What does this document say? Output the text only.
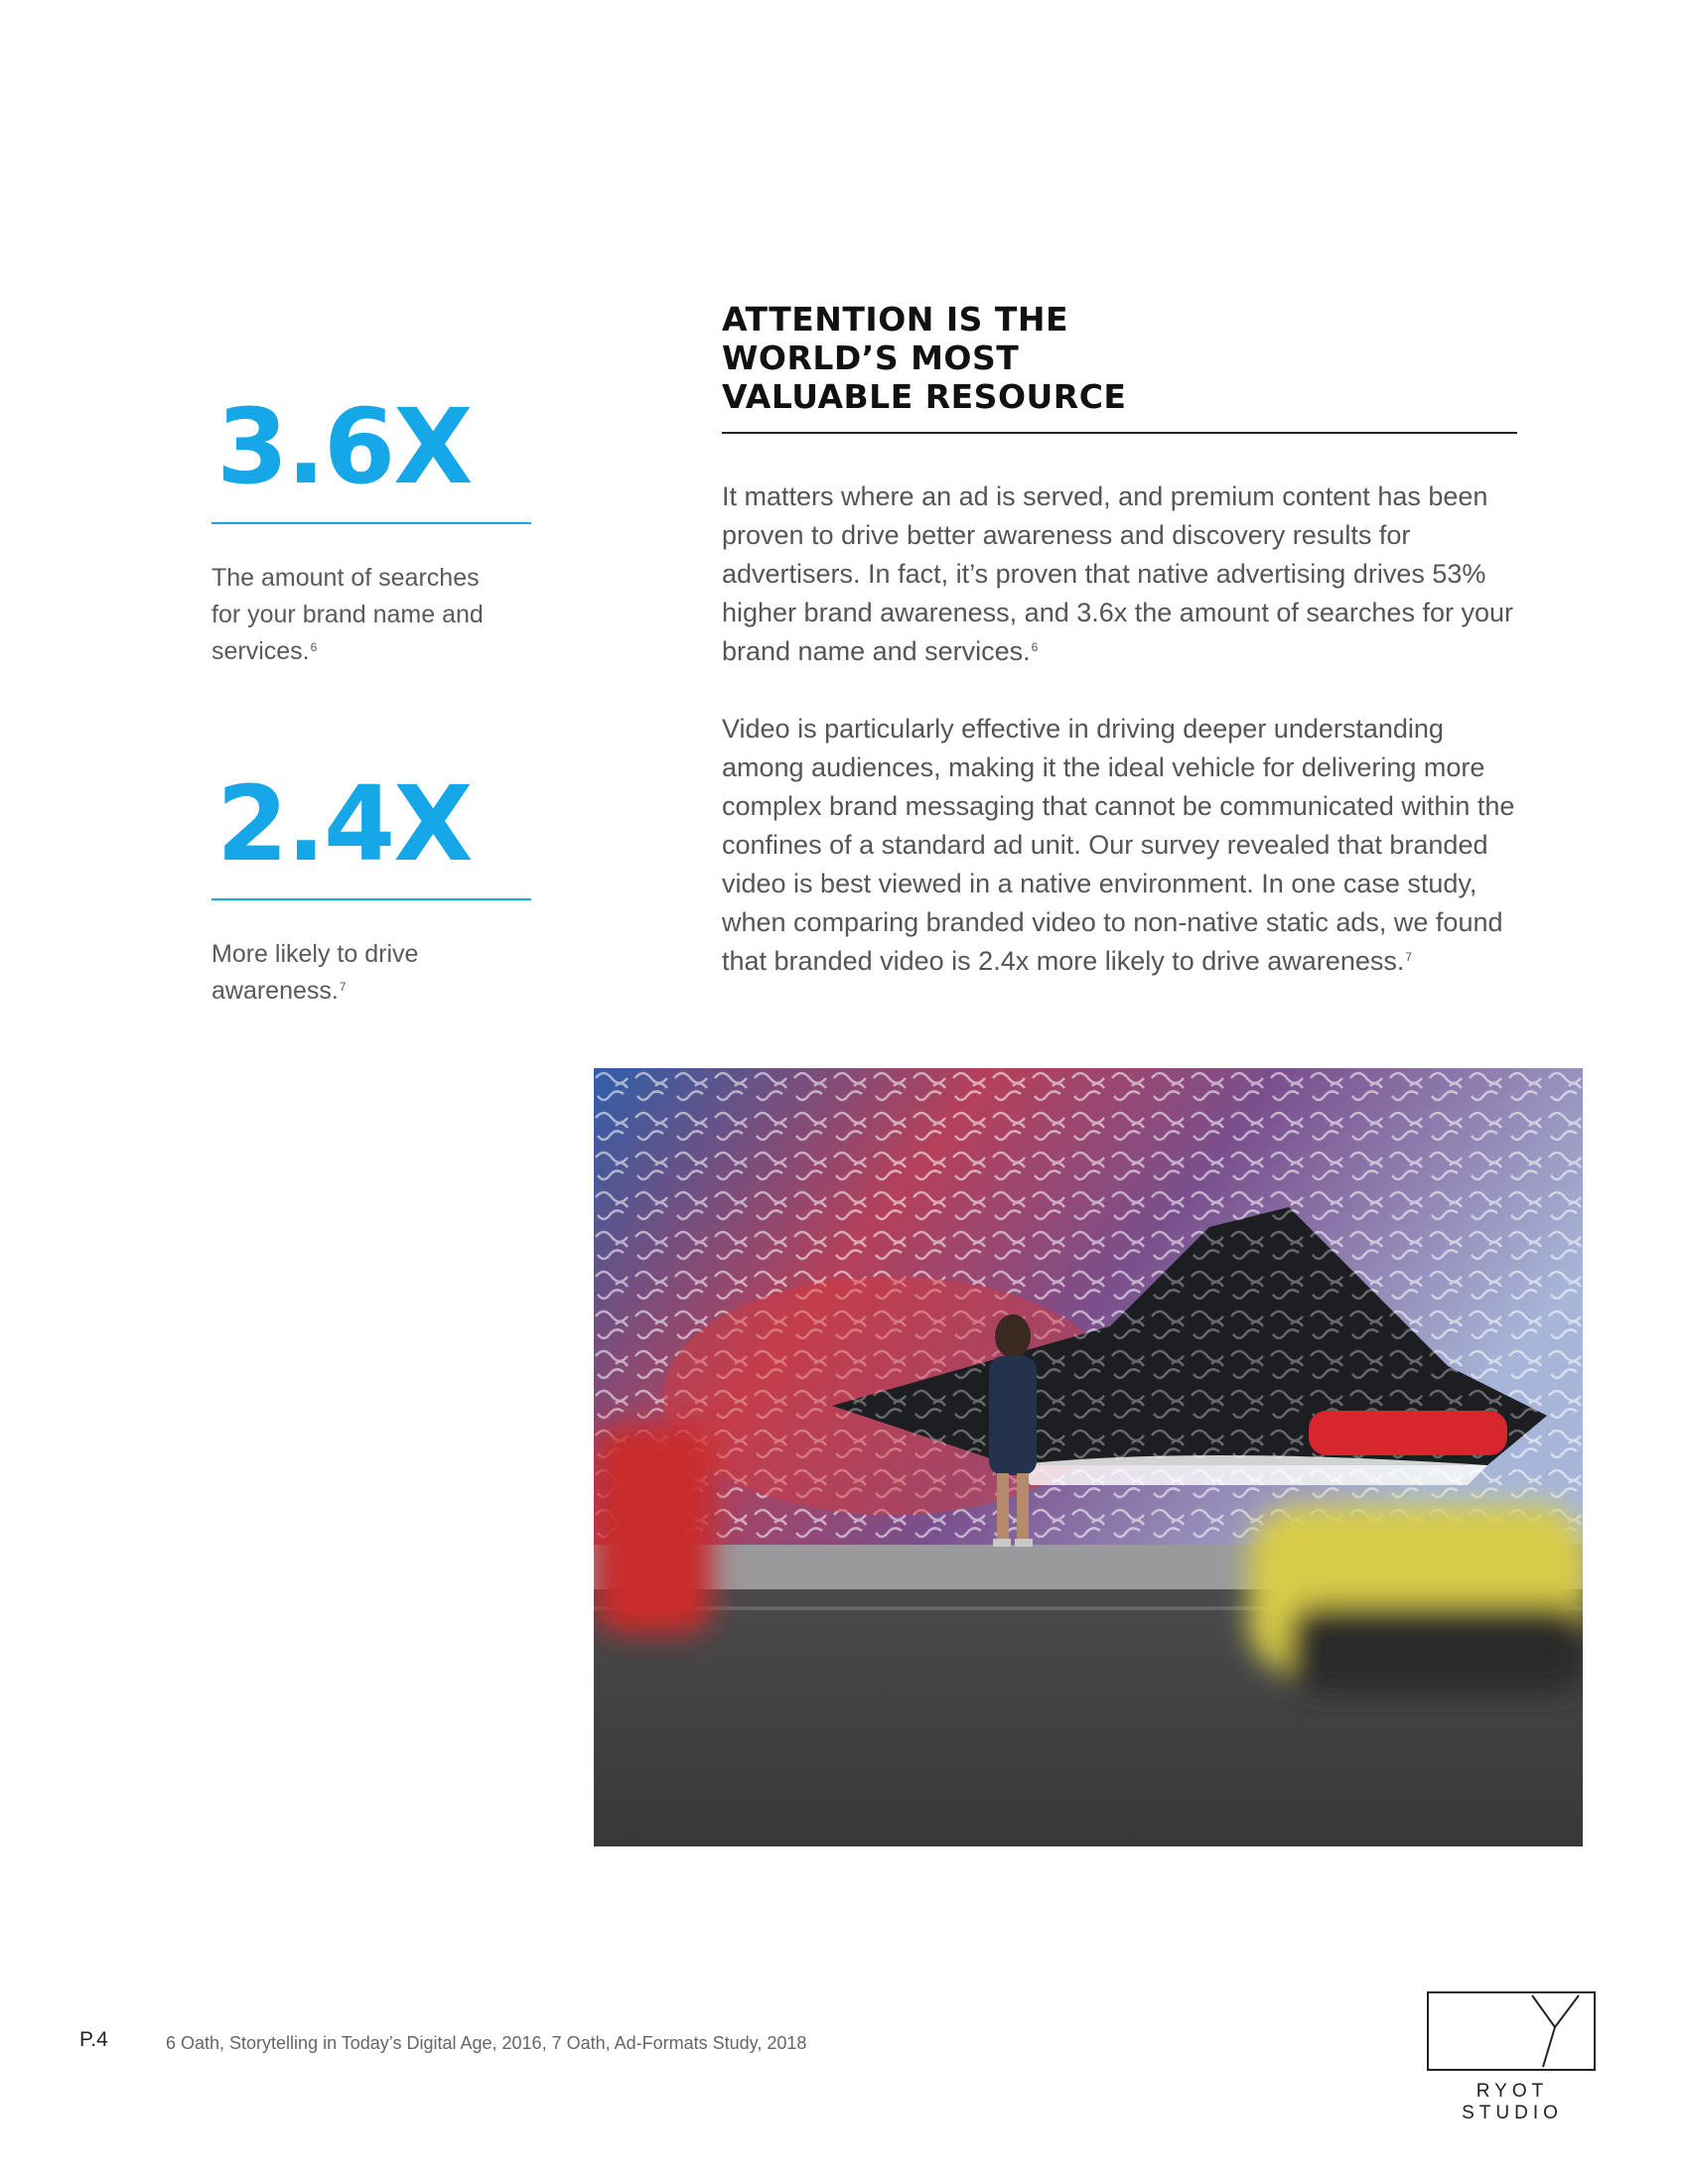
3.6X
The amount of searches for your brand name and services.$^6$
2.4X
More likely to drive awareness.$^7$
ATTENTION IS THE
WORLD’S MOST
VALUABLE RESOURCE

It matters where an ad is served, and premium content has been proven to drive better awareness and discovery results for advertisers. In fact, it’s proven that native advertising drives 53% higher brand awareness, and 3.6x the amount of searches for your brand name and services.$^6$

Video is particularly effective in driving deeper understanding among audiences, making it the ideal vehicle for delivering more complex brand messaging that cannot be communicated within the confines of a standard ad unit. Our survey revealed that branded video is best viewed in a native environment. In one case study, when comparing branded video to non-native static ads, we found that branded video is 2.4x more likely to drive awareness.$^7$

P.4	6 Oath, Storytelling in Today’s Digital Age, 2016, 7 Oath, Ad-Formats Study, 2018
RYOT STUDIO
